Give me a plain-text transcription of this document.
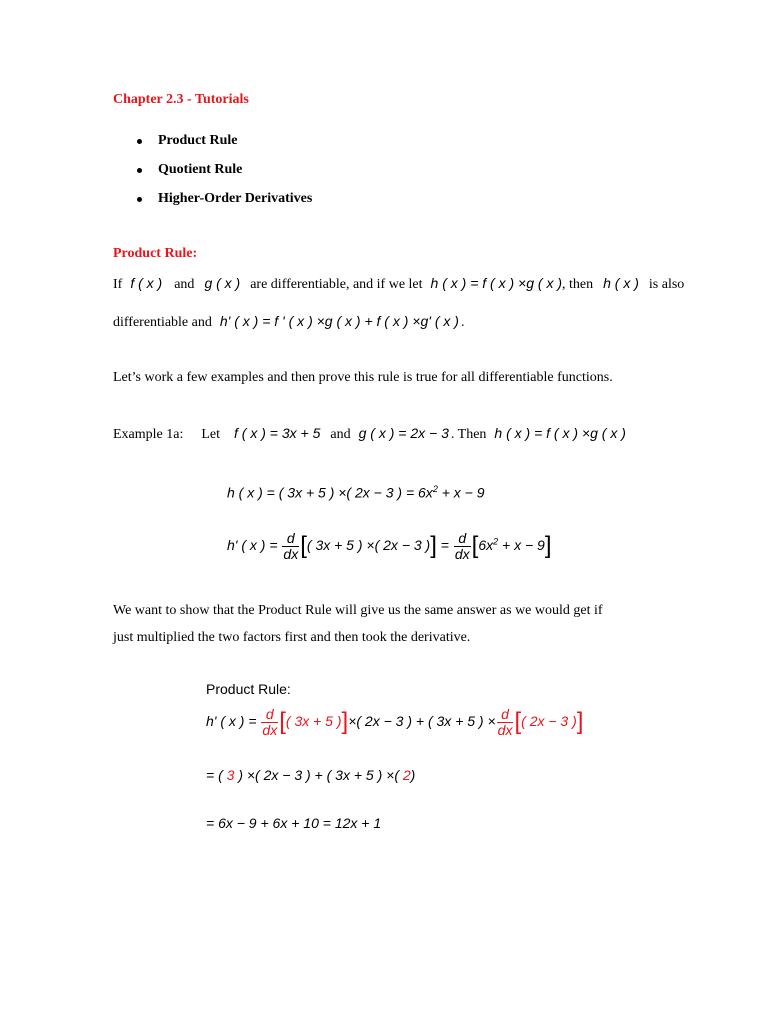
Chapter 2.3 - Tutorials
Product Rule
Quotient Rule
Higher-Order Derivatives
Product Rule:
If f ( x ) and g ( x ) are differentiable, and if we let h ( x ) = f ( x ) ×g ( x ), then h ( x ) is also
differentiable and h' ( x ) = f ' ( x ) ×g ( x ) + f ( x ) ×g' ( x ) .
Let’s work a few examples and then prove this rule is true for all differentiable functions.
Example 1a: Let f ( x ) = 3x + 5 and g ( x ) = 2x − 3 . Then h ( x ) = f ( x ) ×g ( x )
h ( x ) = ( 3x + 5 ) ×( 2x − 3 ) = $6x^2 + x - 9$
h' ( x ) = $\frac{d}{dx}$ [( 3x + 5 ) ×( 2x − 3 )] = $\frac{d}{dx} [6x^2 + x - 9]$
We want to show that the Product Rule will give us the same answer as we would get if
just multiplied the two factors first and then took the derivative.
Product Rule:
h' ( x ) = $\frac{d}{dx}$ [( 3x + 5 )]×( 2x − 3 ) + ( 3x + 5 ) × $\frac{d}{dx}$ [( 2x − 3 )]
= ( 3 ) ×( 2x − 3 ) + ( 3x + 5 ) ×( 2)
= 6x − 9 + 6x + 10 = 12x + 1
